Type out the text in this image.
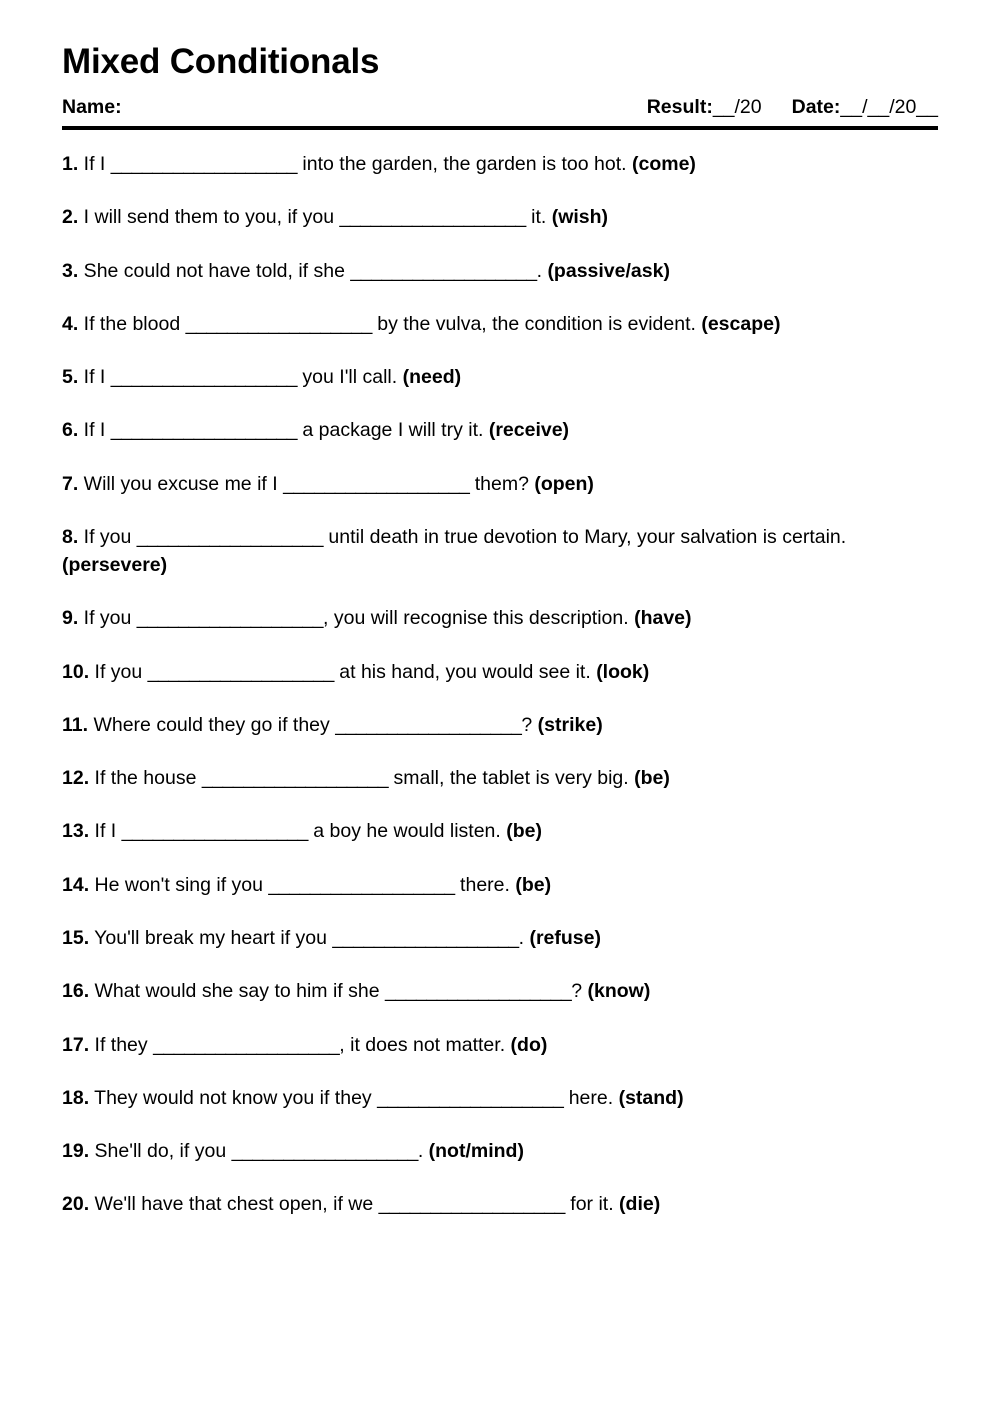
Mixed Conditionals
Name:	Result:__/20 Date:__/__/20__
1. If I __________________ into the garden, the garden is too hot. (come)
2. I will send them to you, if you __________________ it. (wish)
3. She could not have told, if she __________________. (passive/ask)
4. If the blood __________________ by the vulva, the condition is evident. (escape)
5. If I __________________ you I'll call. (need)
6. If I __________________ a package I will try it. (receive)
7. Will you excuse me if I __________________ them? (open)
8. If you __________________ until death in true devotion to Mary, your salvation is certain. (persevere)
9. If you __________________, you will recognise this description. (have)
10. If you __________________ at his hand, you would see it. (look)
11. Where could they go if they __________________? (strike)
12. If the house __________________ small, the tablet is very big. (be)
13. If I __________________ a boy he would listen. (be)
14. He won't sing if you __________________ there. (be)
15. You'll break my heart if you __________________. (refuse)
16. What would she say to him if she __________________? (know)
17. If they __________________, it does not matter. (do)
18. They would not know you if they __________________ here. (stand)
19. She'll do, if you __________________. (not/mind)
20. We'll have that chest open, if we __________________ for it. (die)
